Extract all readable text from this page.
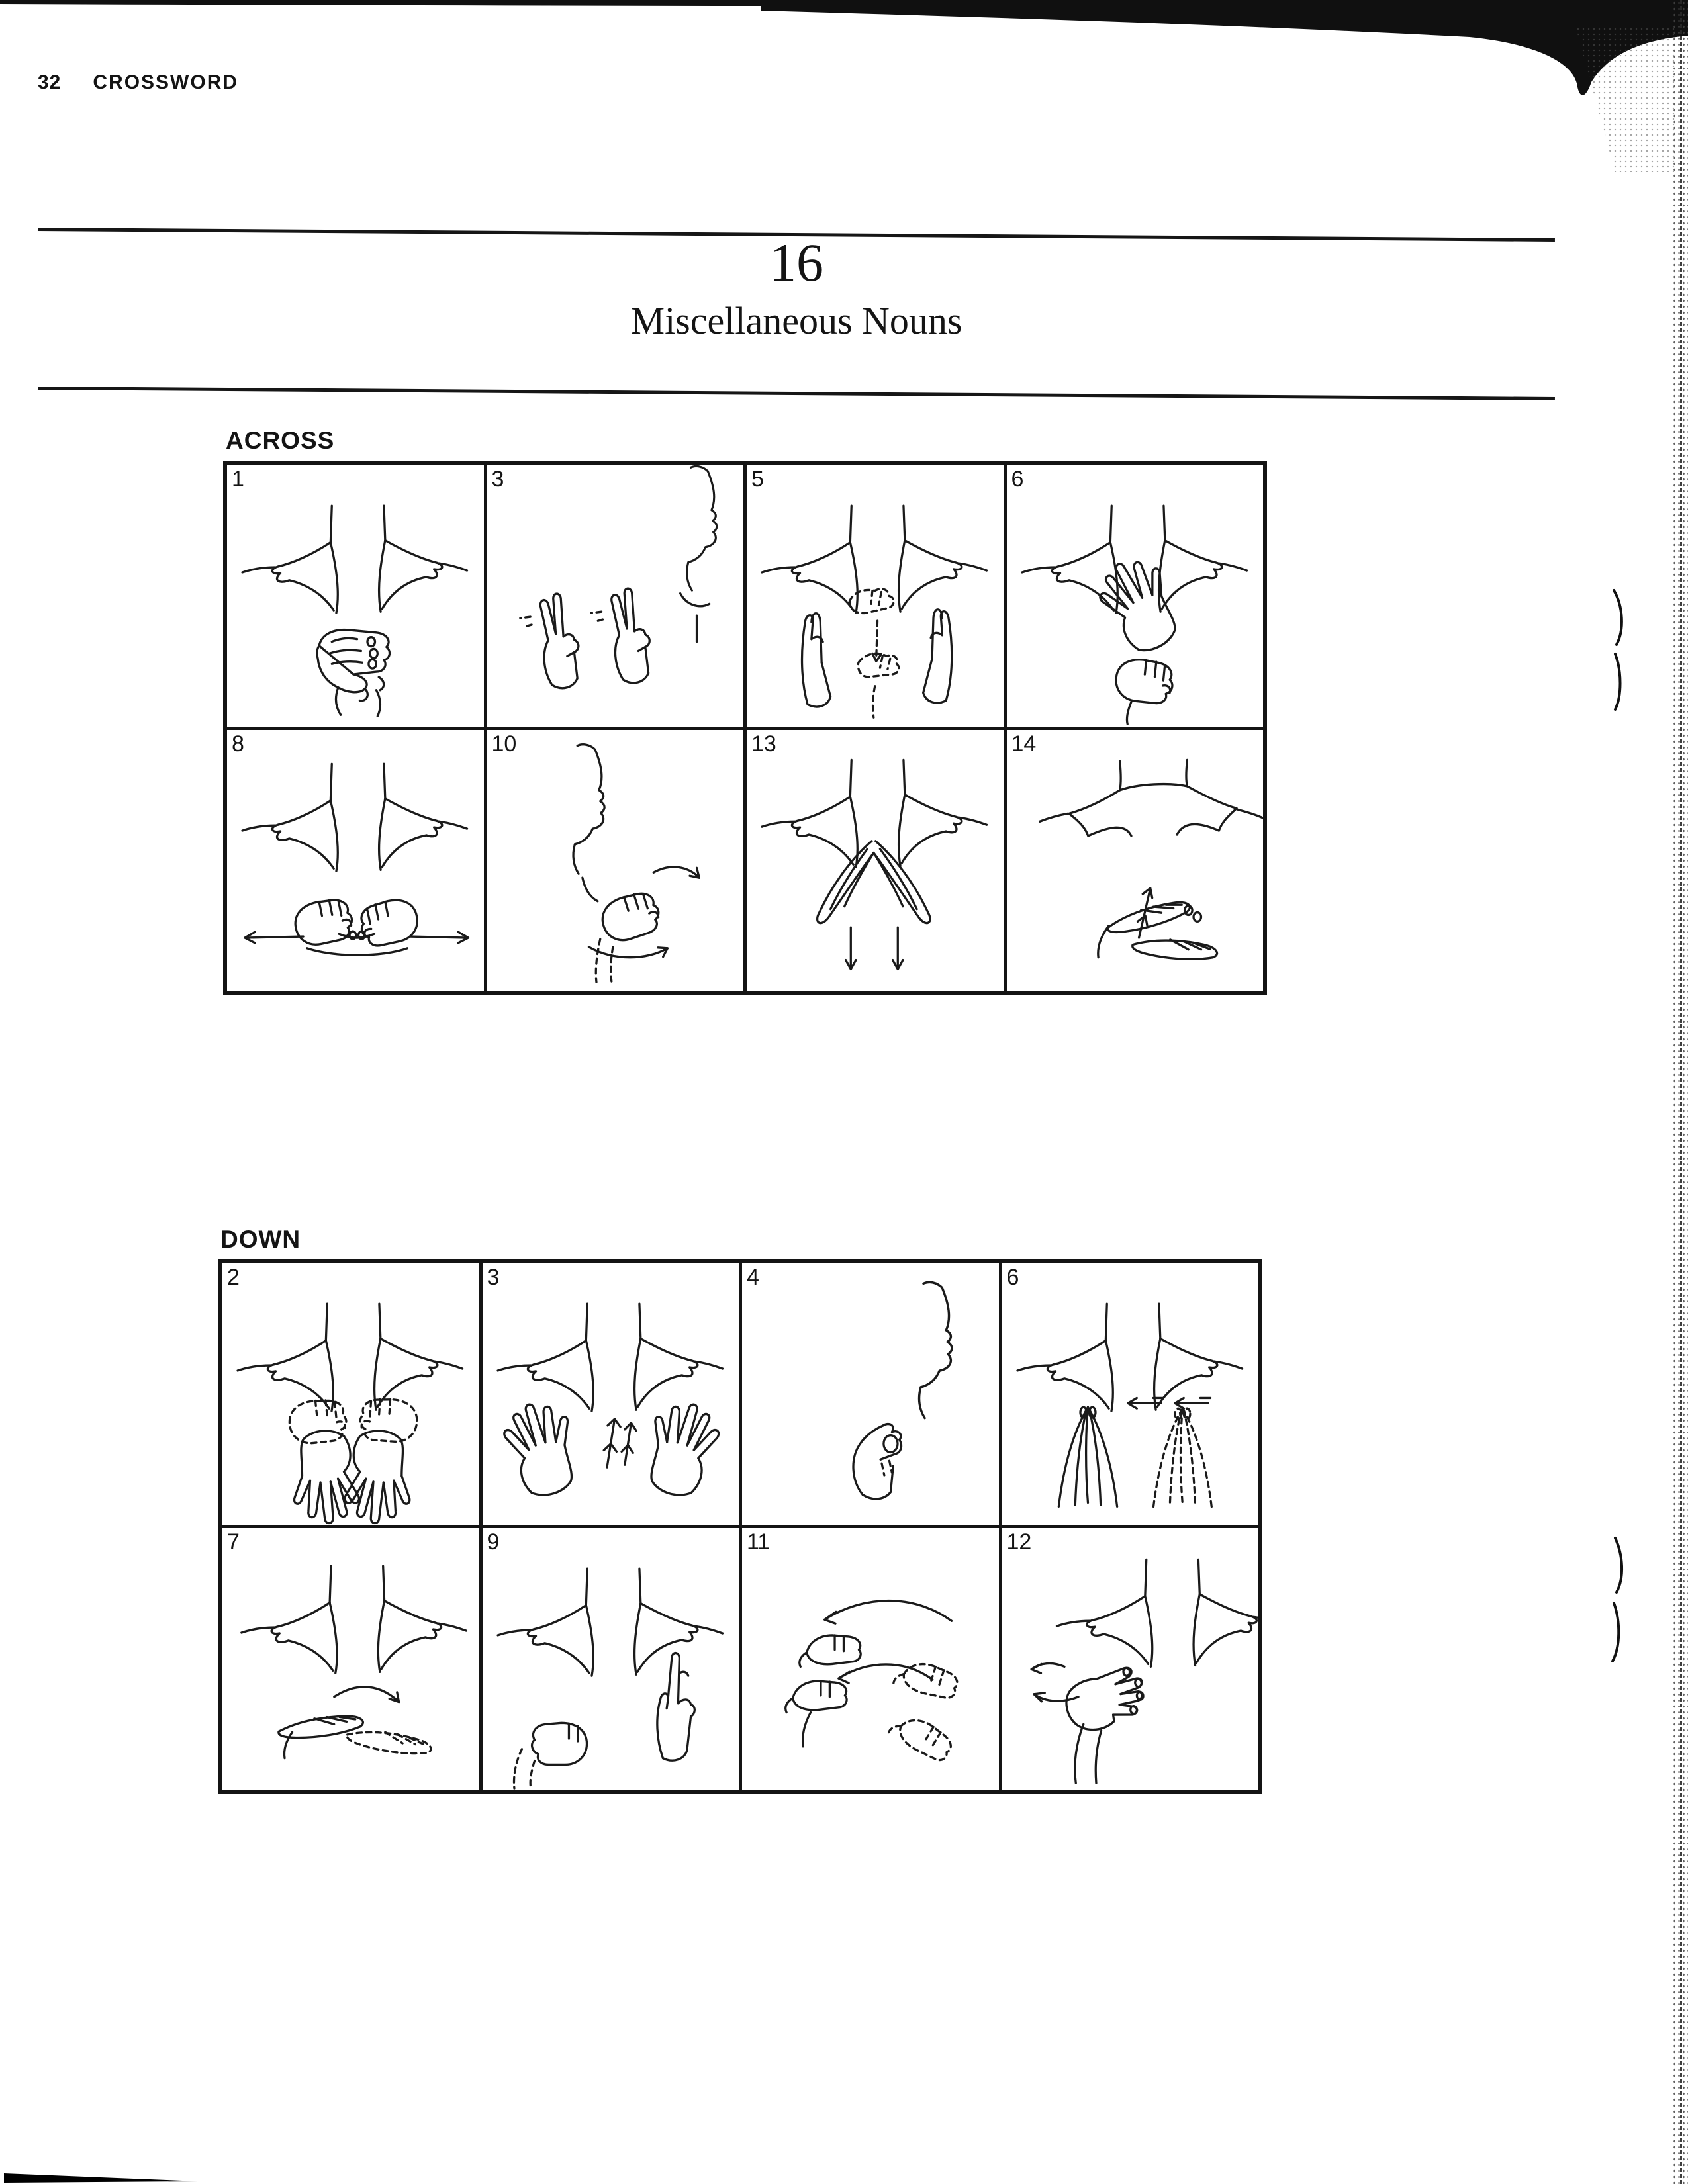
32 CROSSWORD
16
Miscellaneous Nouns
ACROSS
1	3	5	6
8	10	13	14
DOWN
2	3	4	6
7	9	11	12
